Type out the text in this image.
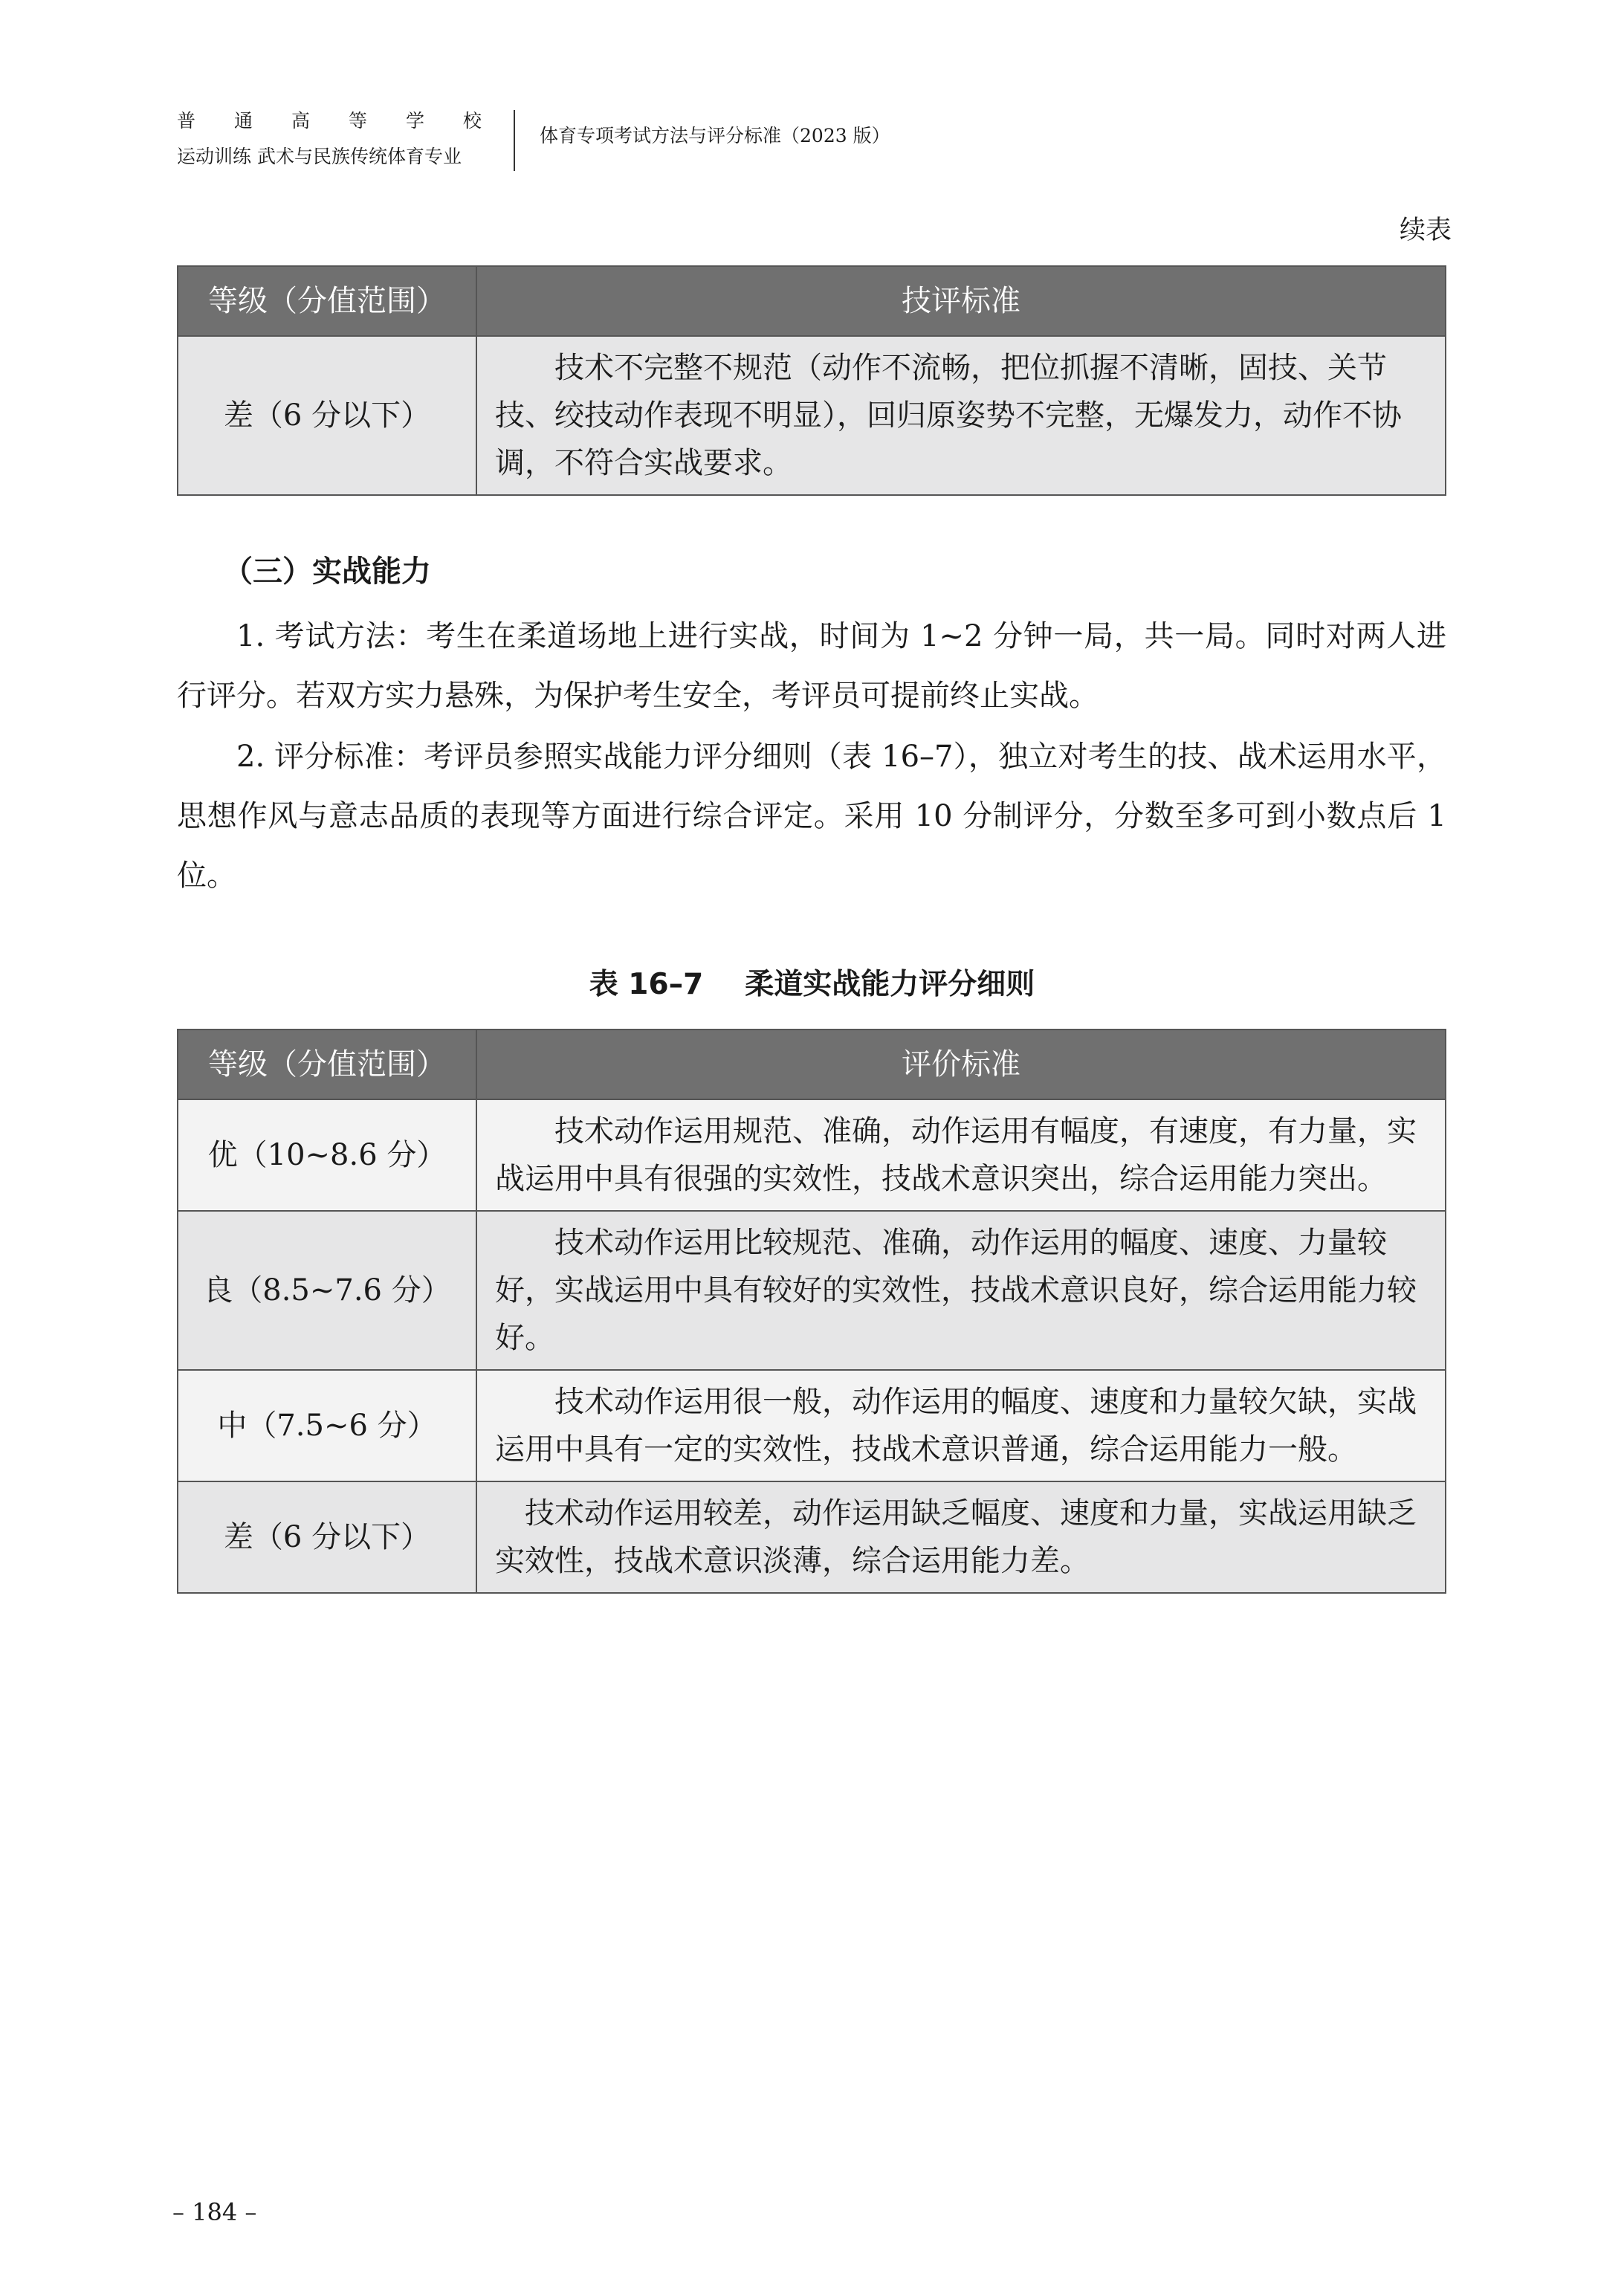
普 通 高 等 学 校
运动训练 武术与民族传统体育专业
体育专项考试方法与评分标准（2023 版）
续表
等级（分值范围）	技评标准
差（6 分以下）	技术不完整不规范（动作不流畅，把位抓握不清晰，固技、关节技、绞技动作表现不明显），回归原姿势不完整，无爆发力，动作不协调，不符合实战要求。
（三）实战能力
1. 考试方法：考生在柔道场地上进行实战，时间为 1~2 分钟一局，共一局。同时对两人进行评分。若双方实力悬殊，为保护考生安全，考评员可提前终止实战。
2. 评分标准：考评员参照实战能力评分细则（表 16–7），独立对考生的技、战术运用水平，思想作风与意志品质的表现等方面进行综合评定。采用 10 分制评分，分数至多可到小数点后 1 位。
表 16–7 柔道实战能力评分细则
等级（分值范围）	评价标准
优（10~8.6 分）	技术动作运用规范、准确，动作运用有幅度，有速度，有力量，实战运用中具有很强的实效性，技战术意识突出，综合运用能力突出。
良（8.5~7.6 分）	技术动作运用比较规范、准确，动作运用的幅度、速度、力量较好，实战运用中具有较好的实效性，技战术意识良好，综合运用能力较好。
中（7.5~6 分）	技术动作运用很一般，动作运用的幅度、速度和力量较欠缺，实战运用中具有一定的实效性，技战术意识普通，综合运用能力一般。
差（6 分以下）	技术动作运用较差，动作运用缺乏幅度、速度和力量，实战运用缺乏实效性，技战术意识淡薄，综合运用能力差。
– 184 –
